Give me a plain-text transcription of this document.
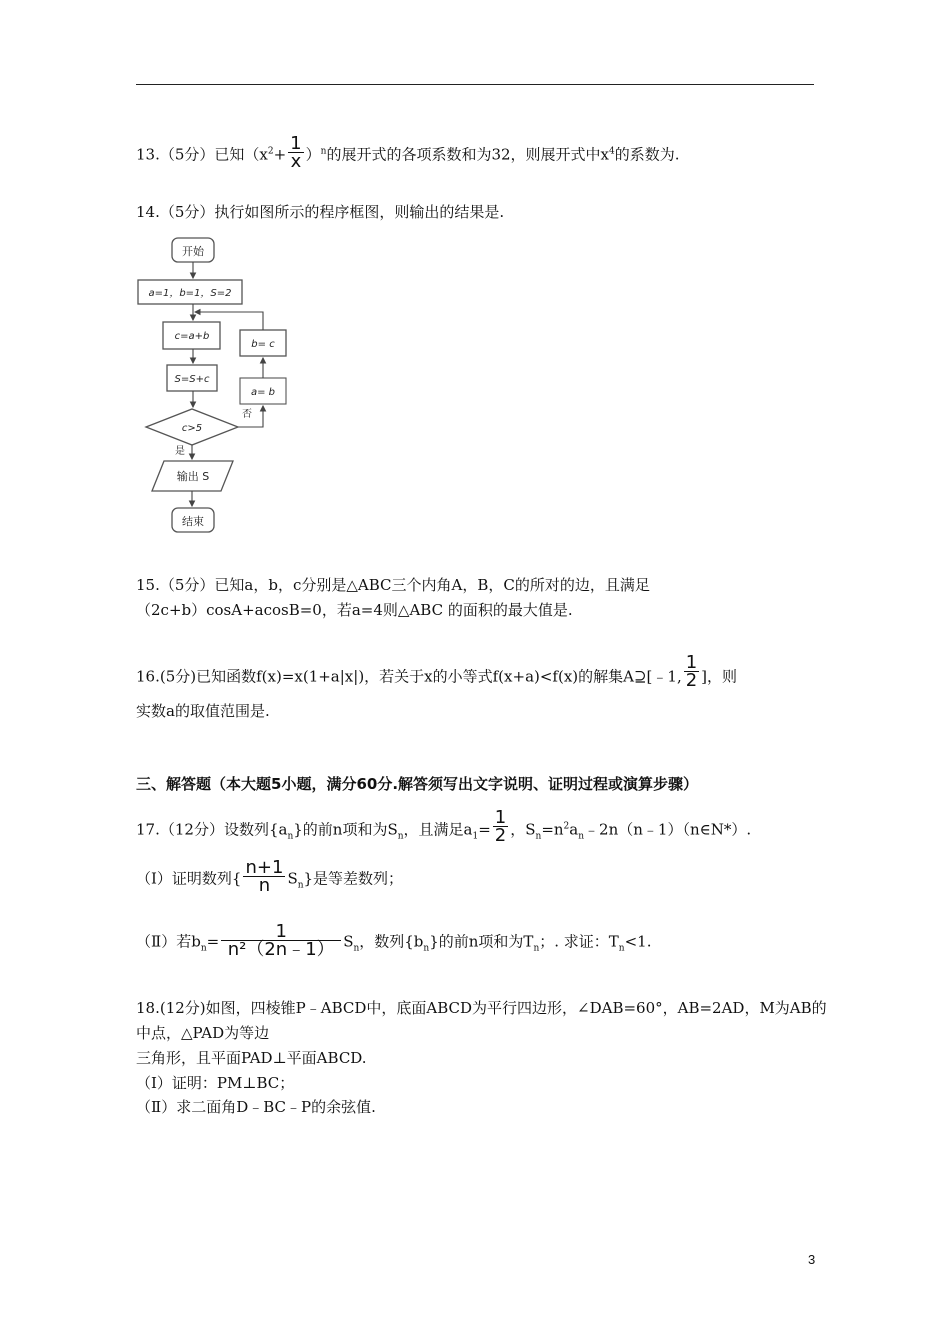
13.（5分）已知$(x^2+ \frac{1}{x} )^n$的展开式的各项系数和为32，则展开式中$x^4$的系数为.
14.（5分）执行如图所示的程序框图，则输出的结果是.
开始
a=1，b=1，S=2
c=a+b
S=S+c
c>5
是
否
b= c
a= b
输出 S
结束
15.（5分）已知a，b，c分别是△ABC三个内角A，B，C的所对的边，且满足
（2c+b）cosA+acosB=0，若a=4则△ABC 的面积的最大值是.
16.(5分)已知函数f(x)=x(1+a|x|)，若关于x的小等式f(x+a)<f(x)的解集A⊇[﹣1, $\frac{1}{2}$ ]，则
实数a的取值范围是.
三、解答题（本大题5小题，满分60分.解答须写出文字说明、证明过程或演算步骤）
17.（12分）设数列$\{a_n\}$的前n项和为$S_n$，且满足$a_1= \frac{1}{2}$ ，$S_n=n^2a_n﹣2n(n﹣1)(n\in N*)$.
（I）证明数列{ $\frac{n+1}{n} S_n$}是等差数列；
（Ⅱ）若$b_n= \frac{1}{\text{n²（2n﹣1）}} S_n$，数列$\{b_n\}$的前n项和为$T_n$；. 求证：$T_n<1$.
18.(12分)如图，四棱锥P﹣ABCD中，底面ABCD为平行四边形，∠DAB=60°，AB=2AD，M为AB的
中点，△PAD为等边
三角形，且平面PAD⊥平面ABCD.
（I）证明：PM⊥BC；
（Ⅱ）求二面角D﹣BC﹣P的余弦值.
3
